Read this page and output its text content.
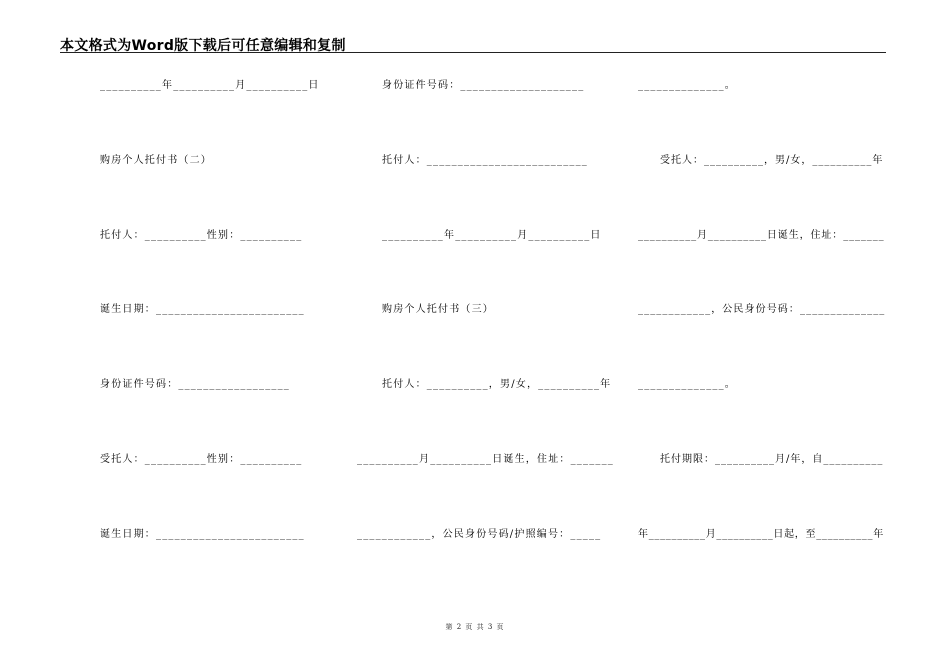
本文格式为Word版下载后可任意编辑和复制
__________年__________月__________日
购房个人托付书（二）
托付人：__________性别：__________
诞生日期：________________________
身份证件号码：__________________
受托人：__________性别：__________
诞生日期：________________________
身份证件号码：____________________
托付人：__________________________
__________年__________月__________日
购房个人托付书（三）
托付人：__________，男/女，__________年
__________月__________日诞生，住址：_______
____________，公民身份号码/护照编号：_____
______________。
　　受托人：__________，男/女，__________年
__________月__________日诞生，住址：_______
____________，公民身份号码：______________
______________。
　　托付期限：__________月/年，自__________
年__________月__________日起，至__________年
第 2 页 共 3 页
